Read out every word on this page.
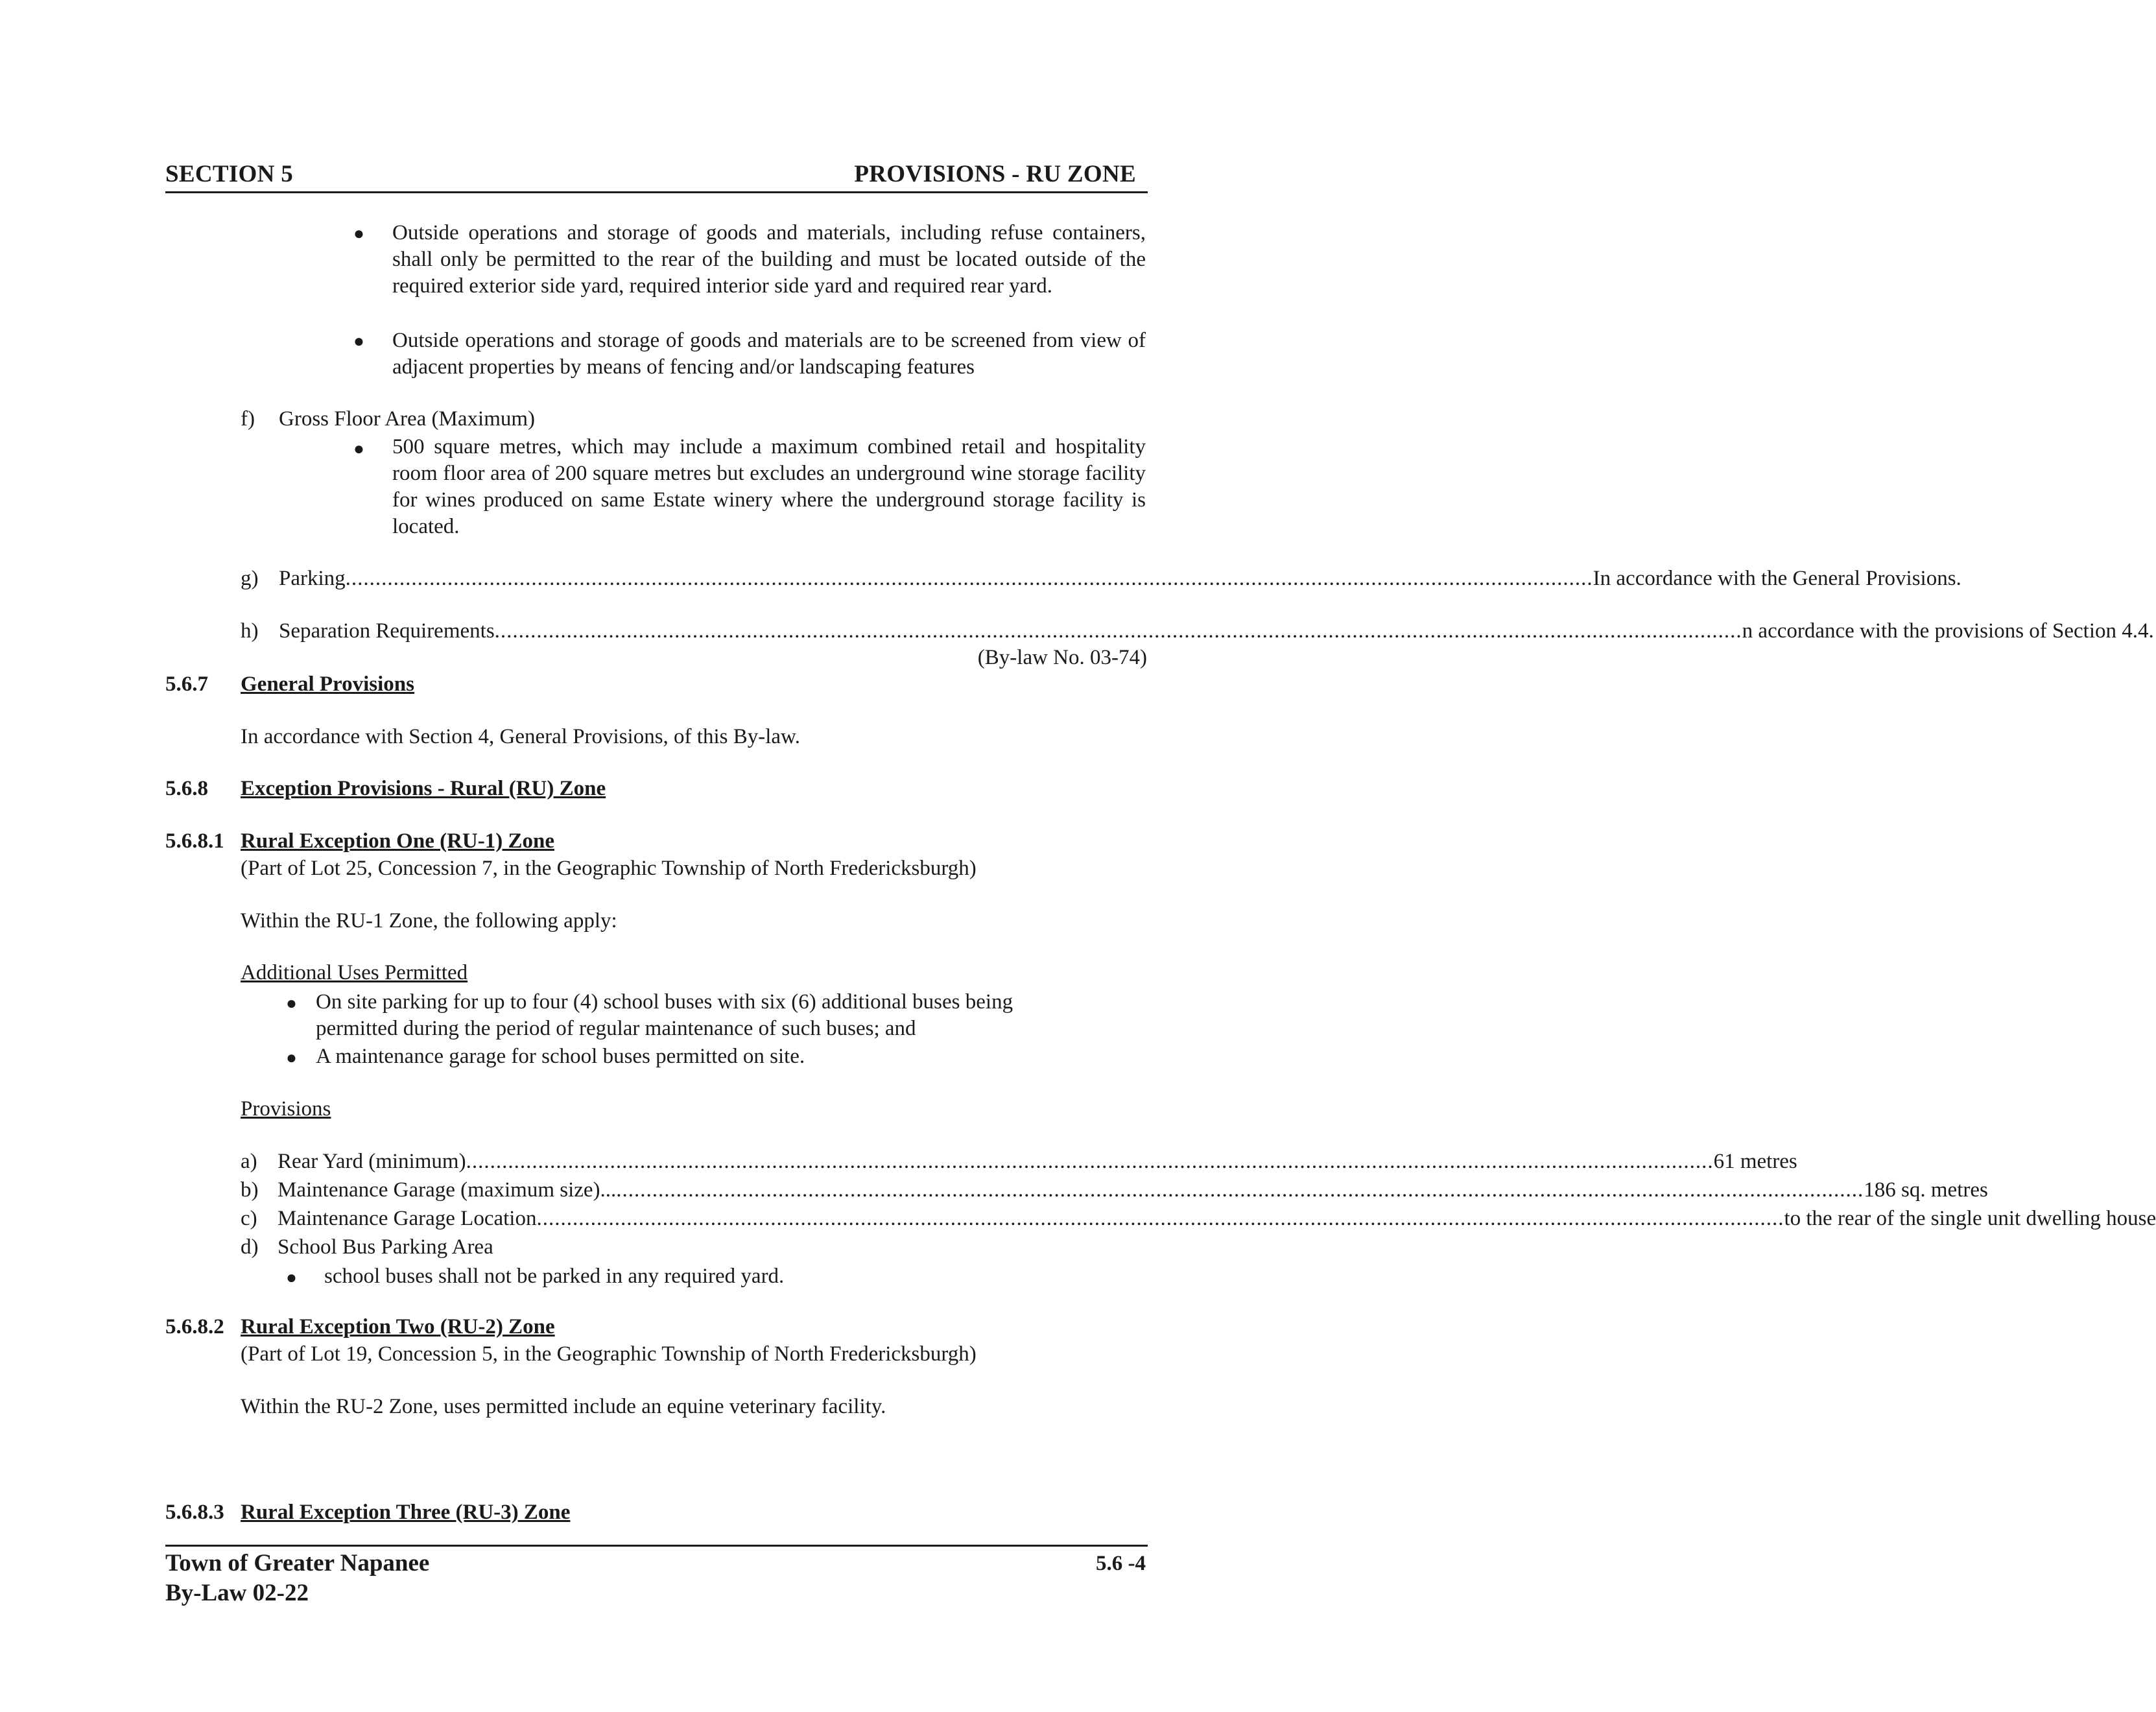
SECTION 5	PROVISIONS - RU ZONE
● Outside operations and storage of goods and materials, including refuse containers, shall only be permitted to the rear of the building and must be located outside of the required exterior side yard, required interior side yard and required rear yard.
● Outside operations and storage of goods and materials are to be screened from view of adjacent properties by means of fencing and/or landscaping features
f) Gross Floor Area (Maximum)
● 500 square metres, which may include a maximum combined retail and hospitality room floor area of 200 square metres but excludes an underground wine storage facility for wines produced on same Estate winery where the underground storage facility is located.
g) Parking ................................................................................................................................................................................................................ In accordance with the General Provisions.
h) Separation Requirements ................................................................................................................................................................................................................ n accordance with the provisions of Section 4.4.
(By-law No. 03-74)
5.6.7 General Provisions
In accordance with Section 4, General Provisions, of this By-law.
5.6.8 Exception Provisions - Rural (RU) Zone
5.6.8.1 Rural Exception One (RU-1) Zone
(Part of Lot 25, Concession 7, in the Geographic Township of North Fredericksburgh)
Within the RU-1 Zone, the following apply:
Additional Uses Permitted
● On site parking for up to four (4) school buses with six (6) additional buses being
permitted during the period of regular maintenance of such buses; and
● A maintenance garage for school buses permitted on site.
Provisions
a) Rear Yard (minimum) ................................................................................................................................................................................................................ 61 metres
b) Maintenance Garage (maximum size)... ................................................................................................................................................................................................................ 186 sq. metres
c) Maintenance Garage Location ................................................................................................................................................................................................................ to the rear of the single unit dwelling house
d) School Bus Parking Area
● school buses shall not be parked in any required yard.
5.6.8.2 Rural Exception Two (RU-2) Zone
(Part of Lot 19, Concession 5, in the Geographic Township of North Fredericksburgh)
Within the RU-2 Zone, uses permitted include an equine veterinary facility.
5.6.8.3 Rural Exception Three (RU-3) Zone
Town of Greater Napanee
By-Law 02-22
5.6 -4
